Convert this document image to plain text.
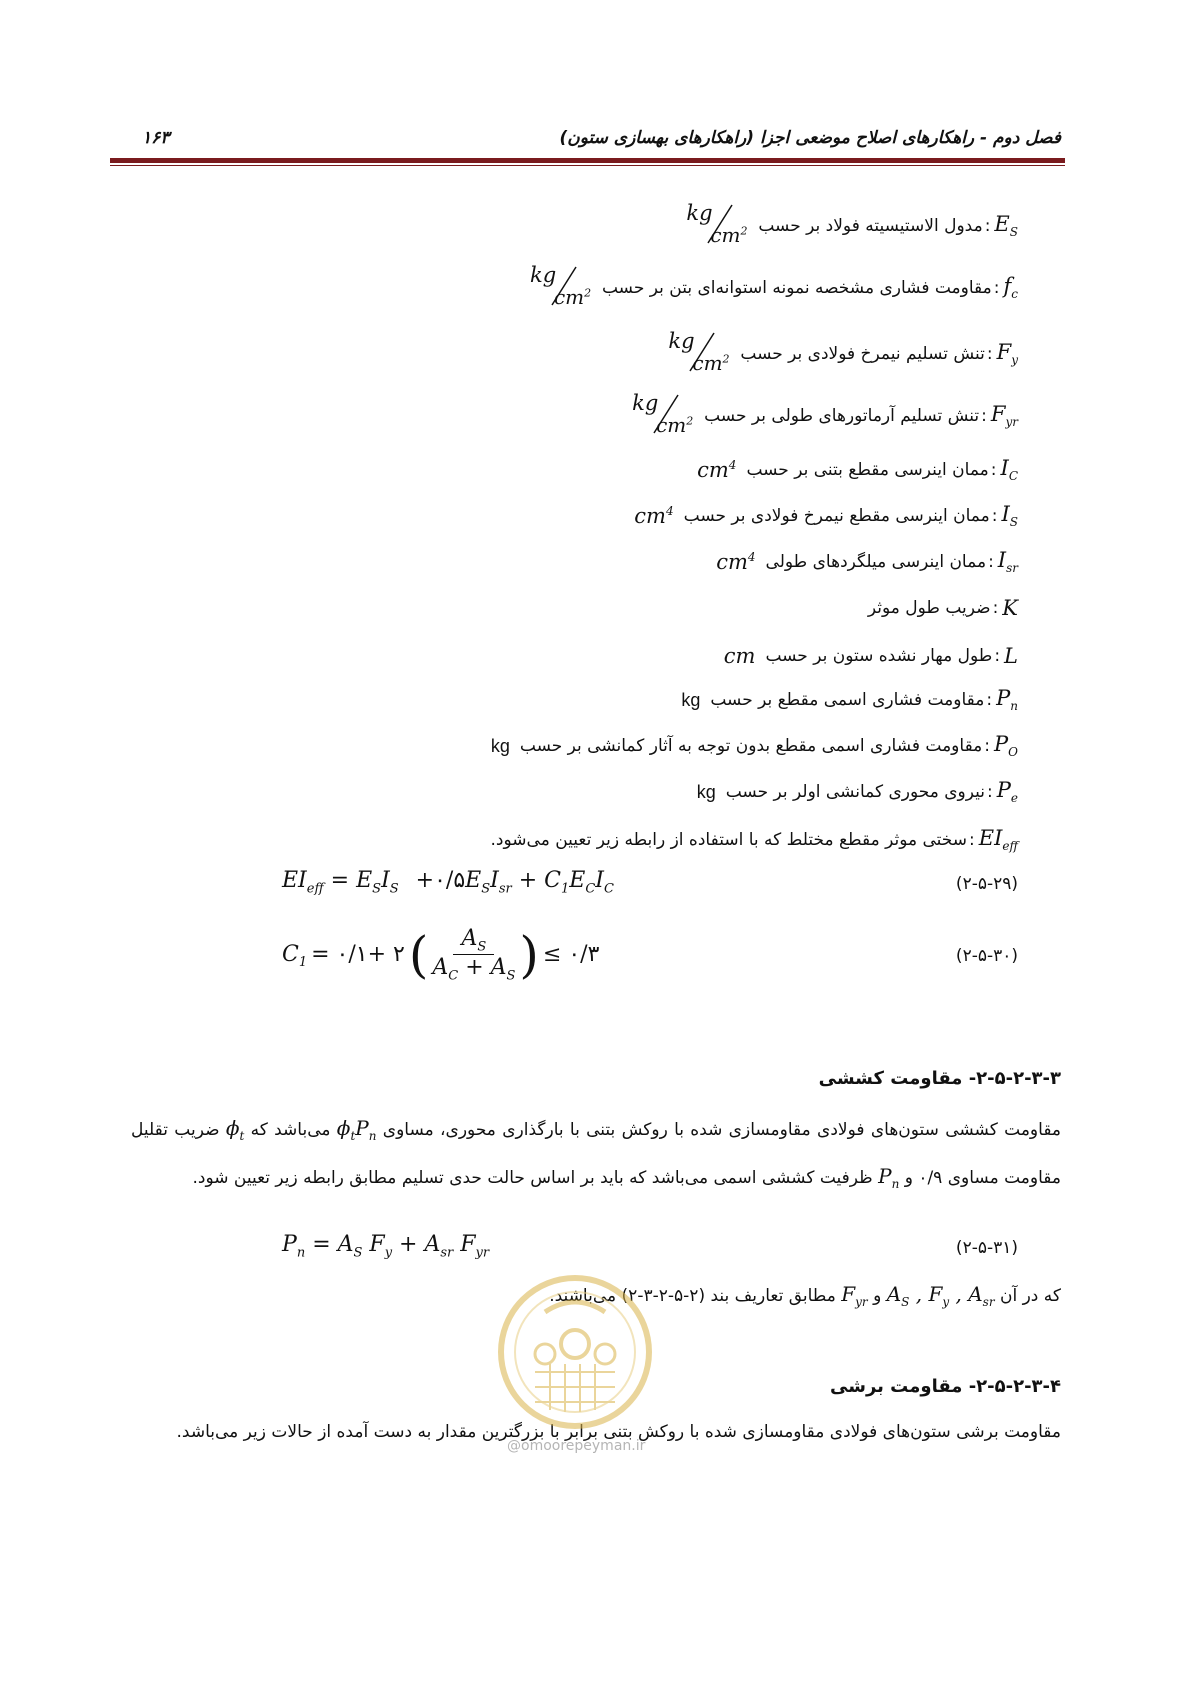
فصل دوم - راهکارهای اصلاح موضعی اجزا (راهکارهای بهسازی ستون)
۱۶۳
$E_S$
:
مدول الاستیسیته فولاد بر حسب
kg
$cm^2$
$f_c$
:
مقاومت فشاری مشخصه نمونه استوانه‌ای بتن بر حسب
kg
$cm^2$
$F_y$
:
تنش تسلیم نیمرخ فولادی بر حسب
kg
$cm^2$
$F_{yr}$
:
تنش تسلیم آرماتورهای طولی بر حسب
kg
$cm^2$
$I_C$
:
ممان اینرسی مقطع بتنی بر حسب
$cm^4$
$I_S$
:
ممان اینرسی مقطع نیمرخ فولادی بر حسب
$cm^4$
$I_{sr}$
:
ممان اینرسی میلگردهای طولی
$cm^4$
K
:
ضریب طول موثر
L
:
طول مهار نشده ستون بر حسب
cm
$P_n$
:
مقاومت فشاری اسمی مقطع بر حسب
kg
$P_O$
:
مقاومت فشاری اسمی مقطع بدون توجه به آثار کمانشی بر حسب
kg
$P_e$
:
نیروی محوری کمانشی اولر بر حسب
kg
$EI_{eff}$
:
سختی موثر مقطع مختلط که با استفاده از رابطه زیر تعیین می‌شود.
$EI_{eff} = E_SI_S$ $+۰/۵E_SI_{sr} + C_1E_CI_C$	(۲-۵-۲۹)
$C_1$ = ۰/۱+ ۲ (	$A_S$
$A_C + A_S$ ) ≤ ۰/۳	(۲-۵-۳۰)
۲-۵-۲-۳-۳- مقاومت کششی
مقاومت کششی ستون‌های فولادی مقاومسازی شده با روکش بتنی با بارگذاری محوری، مساوی $\phi_tP_n$ می‌باشد که $\phi_t$ ضریب تقلیل مقاومت مساوی ۰/۹ و $P_n$ ظرفیت کششی اسمی می‌باشد که باید بر اساس حالت حدی تسلیم مطابق رابطه زیر تعیین شود.
$P_n = A_S$ $F_y + A_{sr}$ $F_{yr}$	(۲-۵-۳۱)
که در آن $A_S$ , $F_y$ , $A_{sr}$ و $F_{yr}$ مطابق تعاریف بند (۲-۵-۲-۳-۲) می‌باشند.
۲-۵-۲-۳-۴- مقاومت برشی
مقاومت برشی ستون‌های فولادی مقاومسازی شده با روکش بتنی برابر با بزرگترین مقدار به دست آمده از حالات زیر می‌باشد.
@omoorepeyman.ir
